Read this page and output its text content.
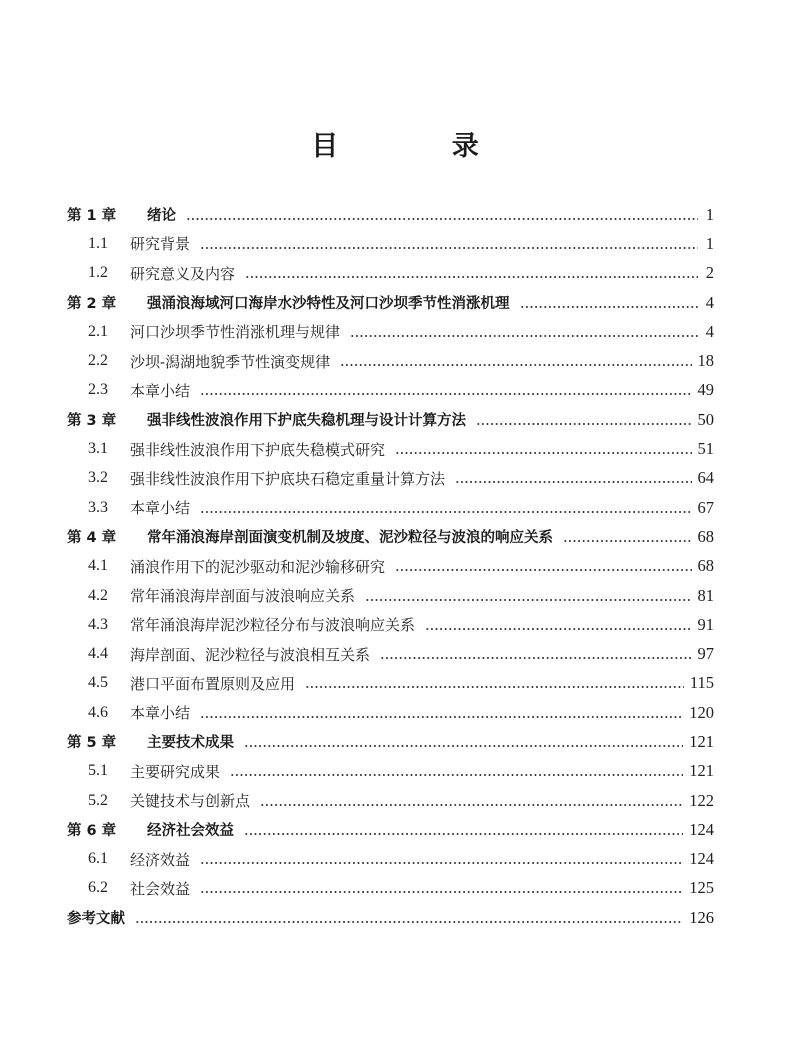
目 录
第 1 章	绪论	1
1.1	研究背景	1
1.2	研究意义及内容	2
第 2 章	强涌浪海域河口海岸水沙特性及河口沙坝季节性消涨机理	4
2.1	河口沙坝季节性消涨机理与规律	4
2.2	沙坝-潟湖地貌季节性演变规律	18
2.3	本章小结	49
第 3 章	强非线性波浪作用下护底失稳机理与设计计算方法	50
3.1	强非线性波浪作用下护底失稳模式研究	51
3.2	强非线性波浪作用下护底块石稳定重量计算方法	64
3.3	本章小结	67
第 4 章	常年涌浪海岸剖面演变机制及坡度、泥沙粒径与波浪的响应关系	68
4.1	涌浪作用下的泥沙驱动和泥沙输移研究	68
4.2	常年涌浪海岸剖面与波浪响应关系	81
4.3	常年涌浪海岸泥沙粒径分布与波浪响应关系	91
4.4	海岸剖面、泥沙粒径与波浪相互关系	97
4.5	港口平面布置原则及应用	115
4.6	本章小结	120
第 5 章	主要技术成果	121
5.1	主要研究成果	121
5.2	关键技术与创新点	122
第 6 章	经济社会效益	124
6.1	经济效益	124
6.2	社会效益	125
参考文献	126
